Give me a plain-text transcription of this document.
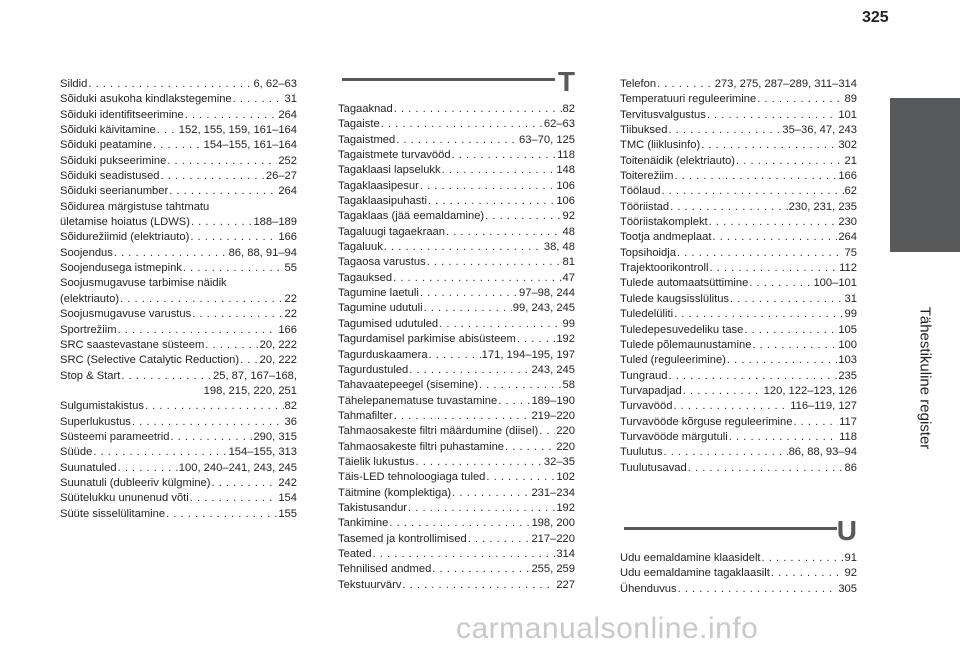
325
Tähestikuline register
Sildid . . .	6, 62–63
Sõiduki asukoha kindlakstegemine . . .	31
Sõiduki identifitseerimine . . .	264
Sõiduki käivitamine . . . 152, 155, 159, 161–164
Sõiduki peatamine . . .	154–155, 161–164
Sõiduki pukseerimine . . .	252
Sõiduki seadistused . . .	26–27
Sõiduki seerianumber . . .	264
Sõidurea märgistuse tahtmatu
ületamise hoiatus (LDWS) . . .	188–189
Sõidurežiimid (elektriauto) . . .	166
Soojendus . . .	86, 88, 91–94
Soojendusega istmepink . . .	55
Soojusmugavuse tarbimise näidik
(elektriauto) . . .	22
Soojusmugavuse varustus . . .	22
Sportrežiim . . .	166
SRC saastevastane süsteem . . .	20, 222
SRC (Selective Catalytic Reduction) . . . 20, 222
Stop & Start . . .	25, 87, 167–168,
198, 215, 220, 251
Sulgumistakistus . . .	82
Superlukustus . . .	36
Süsteemi parameetrid . . .	290, 315
Süüde . . .	154–155, 313
Suunatuled . . .	100, 240–241, 243, 245
Suunatuli (dubleeriv külgmine) . . .	242
Süütelukku ununenud võti . . .	154
Süüte sisselülitamine . . .	155
T
Tagaaknad . . .	82
Tagaiste . . .	62–63
Tagaistmed . . .	63–70, 125
Tagaistmete turvavööd . . .	118
Tagaklaasi lapselukk . . .	148
Tagaklaasipesur . . .	106
Tagaklaasipuhasti . . .	106
Tagaklaas (jää eemaldamine) . . .	92
Tagaluugi tagaekraan . . .	48
Tagaluuk . . .	38, 48
Tagaosa varustus . . .	81
Tagauksed . . .	47
Tagumine laetuli . . .	97–98, 244
Tagumine udutuli . . .	99, 243, 245
Tagumised udutuled . . .	99
Tagurdamisel parkimise abisüsteem . . .	192
Tagurduskaamera . . .	171, 194–195, 197
Tagurdustuled . . .	243, 245
Tahavaatepeegel (sisemine) . . .	58
Tähelepanematuse tuvastamine . . .	189–190
Tahmafilter . . .	219–220
Tahmaosakeste filtri määrdumine (diisel) . . . 220
Tahmaosakeste filtri puhastamine . . .	220
Täielik lukustus . . .	32–35
Täis-LED tehnoloogiaga tuled . . .	102
Täitmine (komplektiga) . . .	231–234
Takistusandur . . .	192
Tankimine . . .	198, 200
Tasemed ja kontrollimised . . .	217–220
Teated . . .	314
Tehnilised andmed . . .	255, 259
Tekstuurvärv . . .	227
Telefon . . .	273, 275, 287–289, 311–314
Temperatuuri reguleerimine . . .	89
Tervitusvalgustus . . .	101
Tiibuksed . . .	35–36, 47, 243
TMC (liiklusinfo) . . .	302
Toitenäidik (elektriauto) . . .	21
Toiterežiim . . .	166
Töölaud . . .	62
Tööriistad . . .	230, 231, 235
Tööriistakomplekt . . .	230
Tootja andmeplaat . . .	264
Topsihoidja . . .	75
Trajektoorikontroll . . .	112
Tulede automaatsüttimine . . .	100–101
Tulede kaugsisslülitus . . .	31
Tuledelüliti . . .	99
Tuledepesuvedeliku tase . . .	105
Tulede põlemaunustamine . . .	100
Tuled (reguleerimine) . . .	103
Tungraud . . .	235
Turvapadjad . . .	120, 122–123, 126
Turvavööd . . .	116–119, 127
Turvavööde kõrguse reguleerimine . . .	117
Turvavööde märgutuli . . .	118
Tuulutus . . .	86, 88, 93–94
Tuulutusavad . . .	86
U
Udu eemaldamine klaasidelt . . .	91
Udu eemaldamine tagaklaasilt . . .	92
Ühenduvus . . .	305
carmanualsonline.info
